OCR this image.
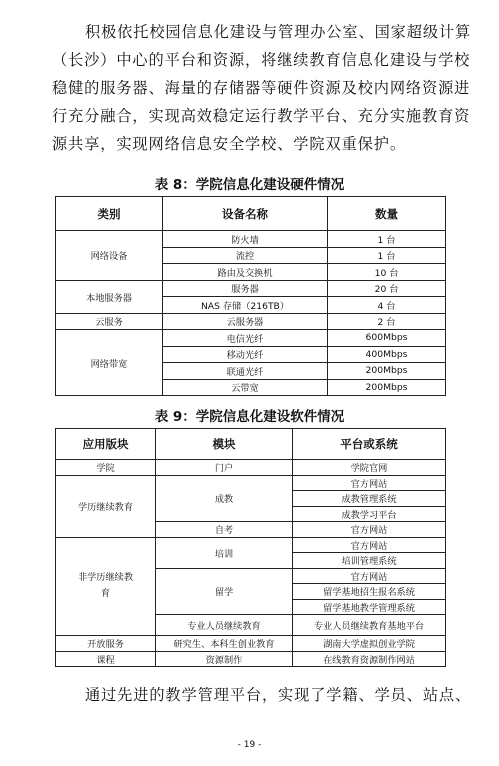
积极依托校园信息化建设与管理办公室、国家超级计算
（长沙）中心的平台和资源，将继续教育信息化建设与学校
稳健的服务器、海量的存储器等硬件资源及校内网络资源进
行充分融合，实现高效稳定运行教学平台、充分实施教育资
源共享，实现网络信息安全学校、学院双重保护。
表 8：学院信息化建设硬件情况
类别	设备名称	数量
网络设备	防火墙	1 台
	流控	1 台
	路由及交换机	10 台
本地服务器	服务器	20 台
	NAS 存储（216TB）	4 台
云服务	云服务器	2 台
网络带宽	电信光纤	600Mbps
	移动光纤	400Mbps
	联通光纤	200Mbps
	云带宽	200Mbps
表 9：学院信息化建设软件情况
应用版块	模块	平台或系统
学院	门户	学院官网
学历继续教育	成教	官方网站
		成教管理系统
		成教学习平台
	自考	官方网站

非学历继续教育	培训	官方网站
		培训管理系统
	留学	官方网站
		留学基地招生报名系统
		留学基地教学管理系统
	专业人员继续教育	专业人员继续教育基地平台
开放服务	研究生、本科生创业教育	湖南大学虚拟创业学院
课程	资源制作	在线教育资源制作网站
通过先进的教学管理平台，实现了学籍、学员、站点、
- 19 -
